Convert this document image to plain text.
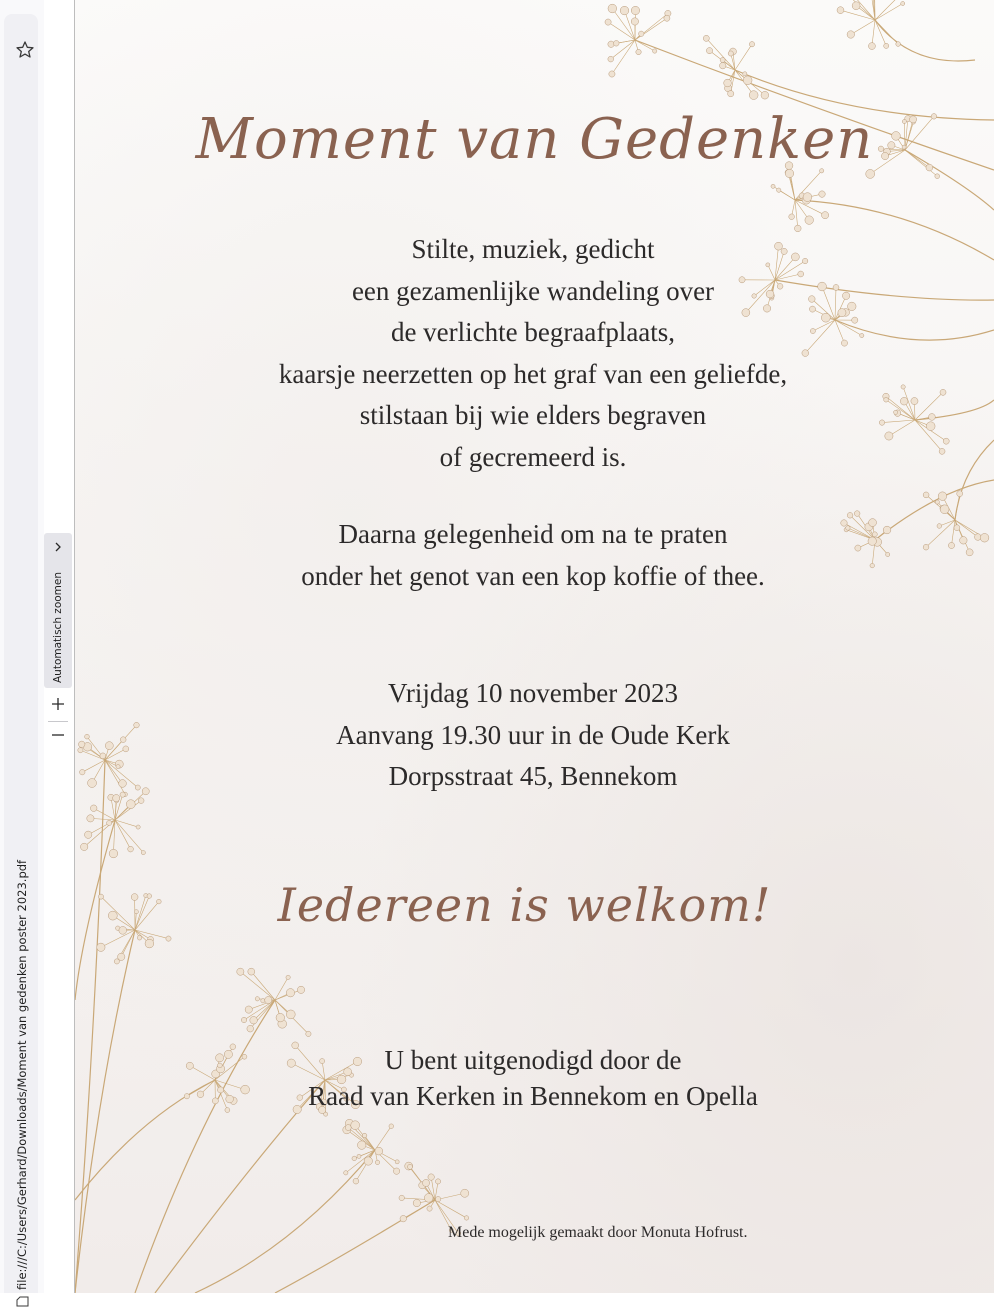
file:///C:/Users/Gerhard/Downloads/Moment van gedenken poster 2023.pdf
Automatisch zoomen
Moment van Gedenken
Stilte, muziek, gedicht
een gezamenlijke wandeling over
de verlichte begraafplaats,
kaarsje neerzetten op het graf van een geliefde,
stilstaan bij wie elders begraven
of gecremeerd is.
Daarna gelegenheid om na te praten
onder het genot van een kop koffie of thee.
Vrijdag 10 november 2023
Aanvang 19.30 uur in de Oude Kerk
Dorpsstraat 45, Bennekom
Iedereen is welkom!
U bent uitgenodigd door de
Raad van Kerken in Bennekom en Opella
Mede mogelijk gemaakt door Monuta Hofrust.
